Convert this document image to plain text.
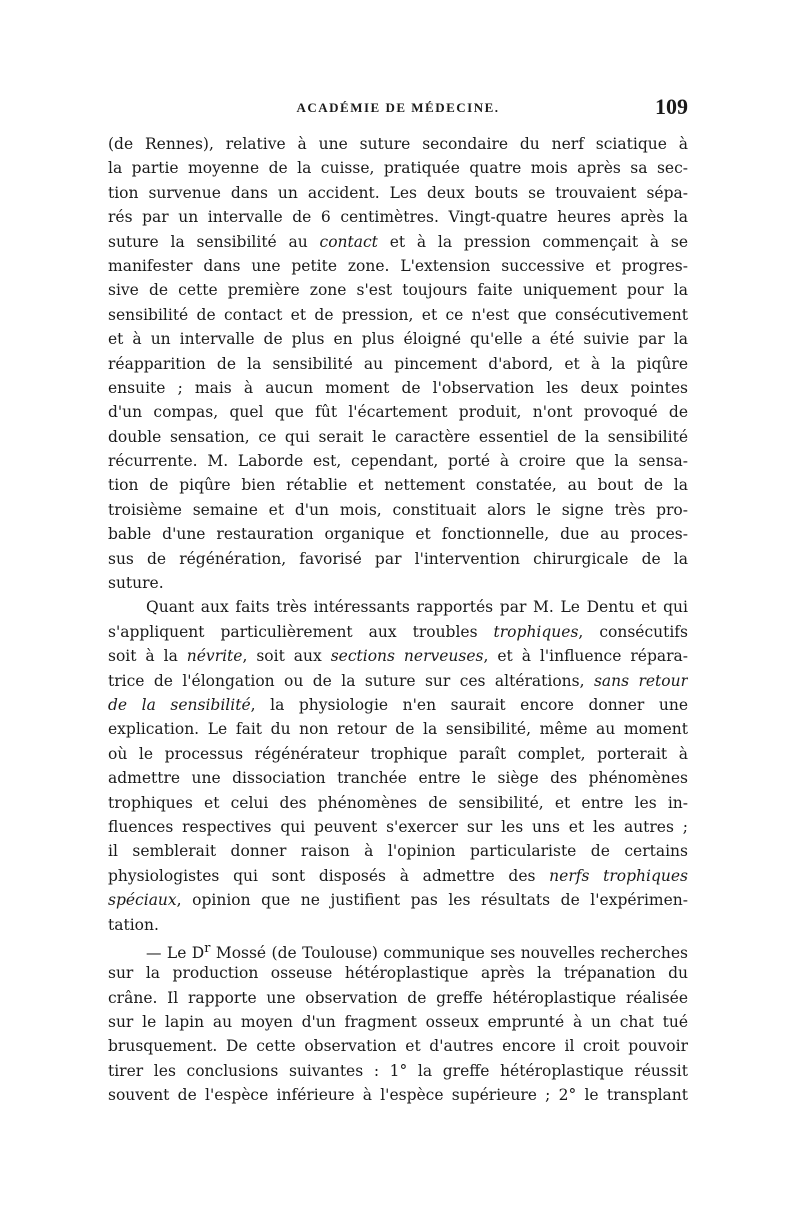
ACADÉMIE DE MÉDECINE.	109
(de Rennes), relative à une suture secondaire du nerf sciatique à
la partie moyenne de la cuisse, pratiquée quatre mois après sa sec-
tion survenue dans un accident. Les deux bouts se trouvaient sépa-
rés par un intervalle de 6 centimètres. Vingt-quatre heures après la
suture la sensibilité au contact et à la pression commençait à se
manifester dans une petite zone. L'extension successive et progres-
sive de cette première zone s'est toujours faite uniquement pour la
sensibilité de contact et de pression, et ce n'est que consécutivement
et à un intervalle de plus en plus éloigné qu'elle a été suivie par la
réapparition de la sensibilité au pincement d'abord, et à la piqûre
ensuite ; mais à aucun moment de l'observation les deux pointes
d'un compas, quel que fût l'écartement produit, n'ont provoqué de
double sensation, ce qui serait le caractère essentiel de la sensibilité
récurrente. M. Laborde est, cependant, porté à croire que la sensa-
tion de piqûre bien rétablie et nettement constatée, au bout de la
troisième semaine et d'un mois, constituait alors le signe très pro-
bable d'une restauration organique et fonctionnelle, due au proces-
sus de régénération, favorisé par l'intervention chirurgicale de la
suture.
Quant aux faits très intéressants rapportés par M. Le Dentu et qui
s'appliquent particulièrement aux troubles trophiques, consécutifs
soit à la névrite, soit aux sections nerveuses, et à l'influence répara-
trice de l'élongation ou de la suture sur ces altérations, sans retour
de la sensibilité, la physiologie n'en saurait encore donner une
explication. Le fait du non retour de la sensibilité, même au moment
où le processus régénérateur trophique paraît complet, porterait à
admettre une dissociation tranchée entre le siège des phénomènes
trophiques et celui des phénomènes de sensibilité, et entre les in-
fluences respectives qui peuvent s'exercer sur les uns et les autres ;
il semblerait donner raison à l'opinion particulariste de certains
physiologistes qui sont disposés à admettre des nerfs trophiques
spéciaux, opinion que ne justifient pas les résultats de l'expérimen-
tation.
— Le $D^r$ Mossé (de Toulouse) communique ses nouvelles recherches
sur la production osseuse hétéroplastique après la trépanation du
crâne. Il rapporte une observation de greffe hétéroplastique réalisée
sur le lapin au moyen d'un fragment osseux emprunté à un chat tué
brusquement. De cette observation et d'autres encore il croit pouvoir
tirer les conclusions suivantes : 1° la greffe hétéroplastique réussit
souvent de l'espèce inférieure à l'espèce supérieure ; 2° le transplant
